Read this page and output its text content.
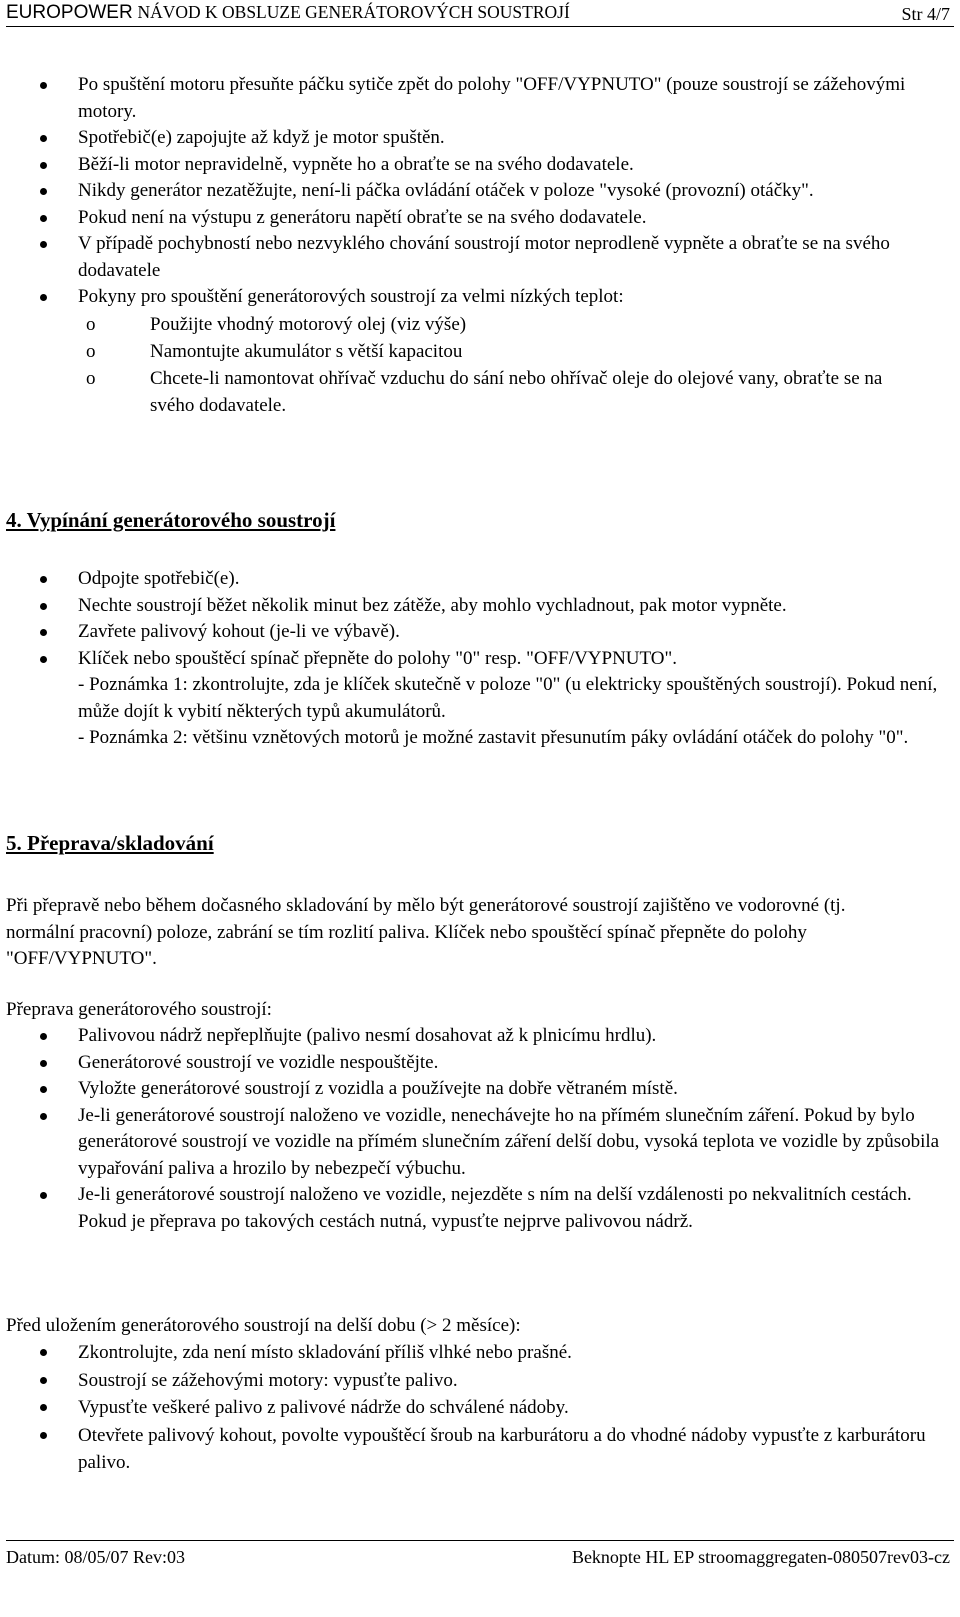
EUROPOWER NÁVOD K OBSLUZE GENERÁTOROVÝCH SOUSTROJÍ	Str 4/7
Po spuštění motoru přesuňte páčku sytiče zpět do polohy "OFF/VYPNUTO" (pouze soustrojí se zážehovými motory.
Spotřebič(e) zapojujte až když je motor spuštěn.
Běží-li motor nepravidelně, vypněte ho a obraťte se na svého dodavatele.
Nikdy generátor nezatěžujte, není-li páčka ovládání otáček v poloze "vysoké (provozní) otáčky".
Pokud není na výstupu z generátoru napětí obraťte se na svého dodavatele.
V případě pochybností nebo nezvyklého chování soustrojí motor neprodleně vypněte a obraťte se na svého dodavatele
Pokyny pro spouštění generátorových soustrojí za velmi nízkých teplot:
o Použijte vhodný motorový olej (viz výše)
o Namontujte akumulátor s větší kapacitou
o Chcete-li namontovat ohřívač vzduchu do sání nebo ohřívač oleje do olejové vany, obraťte se na svého dodavatele.
4. Vypínání generátorového soustrojí
Odpojte spotřebič(e).
Nechte soustrojí běžet několik minut bez zátěže, aby mohlo vychladnout, pak motor vypněte.
Zavřete palivový kohout (je-li ve výbavě).
Klíček nebo spouštěcí spínač přepněte do polohy "0" resp. "OFF/VYPNUTO".
- Poznámka 1: zkontrolujte, zda je klíček skutečně v poloze "0" (u elektricky spouštěných soustrojí). Pokud není, může dojít k vybití některých typů akumulátorů.
- Poznámka 2: většinu vznětových motorů je možné zastavit přesunutím páky ovládání otáček do polohy "0".
5. Přeprava/skladování

Při přepravě nebo během dočasného skladování by mělo být generátorové soustrojí zajištěno ve vodorovné (tj. normální pracovní) poloze, zabrání se tím rozlití paliva. Klíček nebo spouštěcí spínač přepněte do polohy "OFF/VYPNUTO".

Přeprava generátorového soustrojí:

Palivovou nádrž nepřeplňujte (palivo nesmí dosahovat až k plnicímu hrdlu).
Generátorové soustrojí ve vozidle nespouštějte.
Vyložte generátorové soustrojí z vozidla a používejte na dobře větraném místě.
Je-li generátorové soustrojí naloženo ve vozidle, nenechávejte ho na přímém slunečním záření. Pokud by bylo generátorové soustrojí ve vozidle na přímém slunečním záření delší dobu, vysoká teplota ve vozidle by způsobila vypařování paliva a hrozilo by nebezpečí výbuchu.
Je-li generátorové soustrojí naloženo ve vozidle, nejezděte s ním na delší vzdálenosti po nekvalitních cestách. Pokud je přeprava po takových cestách nutná, vypusťte nejprve palivovou nádrž.

Před uložením generátorového soustrojí na delší dobu (> 2 měsíce):

Zkontrolujte, zda není místo skladování příliš vlhké nebo prašné.
Soustrojí se zážehovými motory: vypusťte palivo.
Vypusťte veškeré palivo z palivové nádrže do schválené nádoby.
Otevřete palivový kohout, povolte vypouštěcí šroub na karburátoru a do vhodné nádoby vypusťte z karburátoru palivo.
Datum: 08/05/07 Rev:03	Beknopte HL EP stroomaggregaten-080507rev03-cz
